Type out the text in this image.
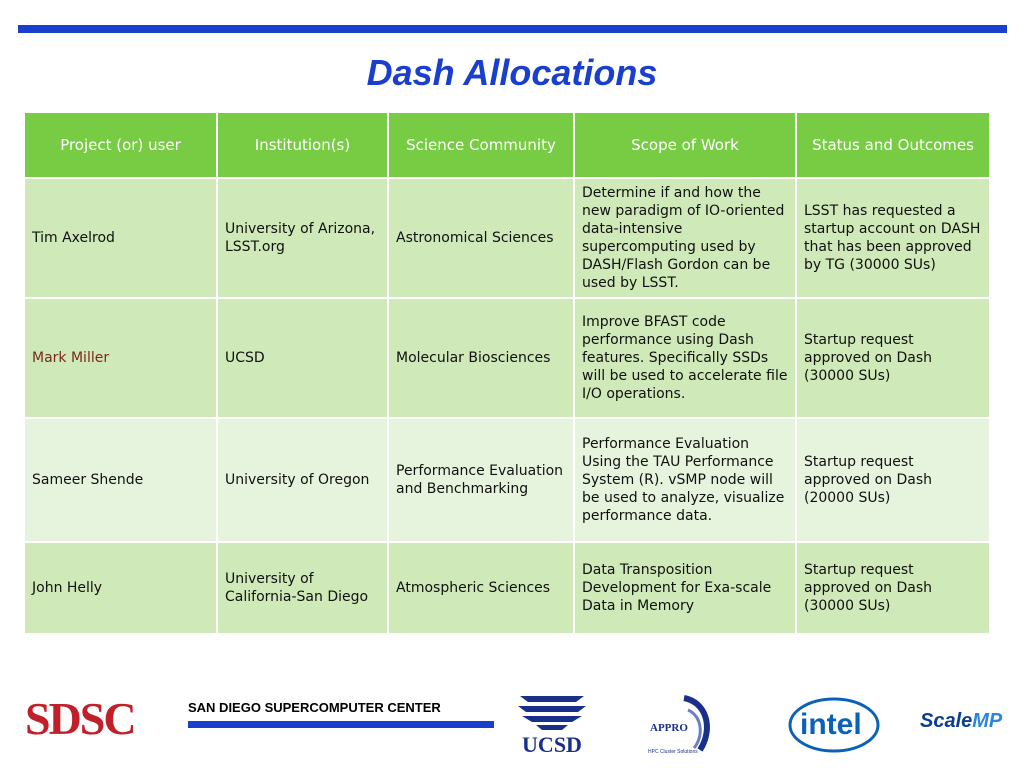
Dash Allocations
Project (or) user	Institution(s)	Science Community	Scope of Work	Status and Outcomes
Tim Axelrod	University of Arizona, LSST.org	Astronomical Sciences	Determine if and how the new paradigm of IO-oriented data-intensive supercomputing used by DASH/Flash Gordon can be used by LSST.	LSST has requested a startup account on DASH that has been approved by TG (30000 SUs)
Mark Miller	UCSD	Molecular Biosciences	Improve BFAST code performance using Dash features. Specifically SSDs will be used to accelerate file I/O operations.	Startup request approved on Dash (30000 SUs)
Sameer Shende	University of Oregon	Performance Evaluation and Benchmarking	Performance Evaluation Using the TAU Performance System (R). vSMP node will be used to analyze, visualize performance data.	Startup request approved on Dash (20000 SUs)
John Helly	University of California-San Diego	Atmospheric Sciences	Data Transposition Development for Exa-scale Data in Memory	Startup request approved on Dash (30000 SUs)
SDSC	SAN DIEGO SUPERCOMPUTER CENTER
UCSD
APPRO
HPC Cluster Solutions
intel	ScaleMP
